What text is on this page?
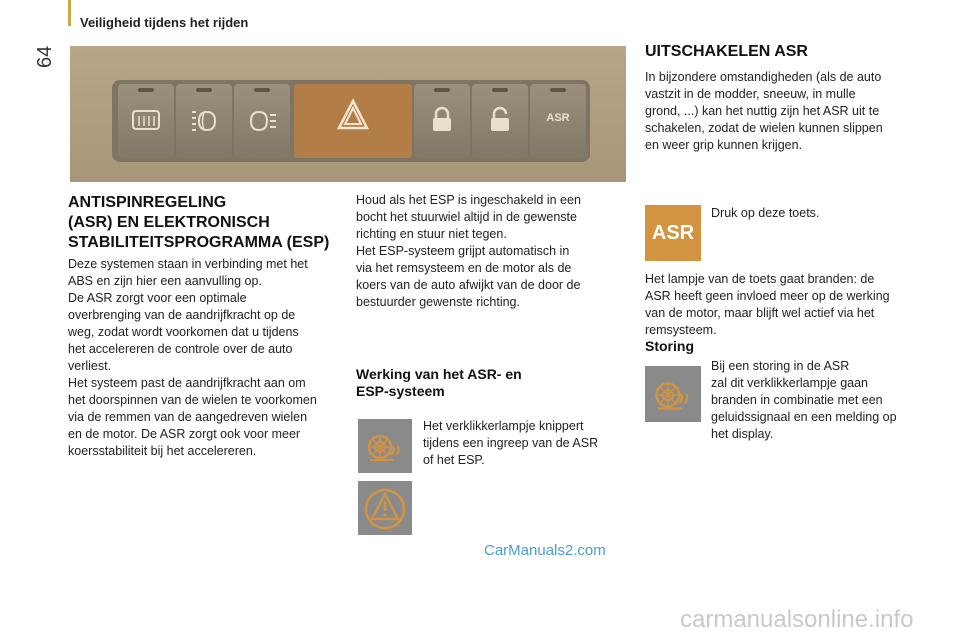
Veiligheid tijdens het rijden
64
ASR
ANTISPINREGELING
(ASR) EN ELEKTRONISCH
STABILITEITSPROGRAMMA (ESP)

Deze systemen staan in verbinding met het
ABS en zijn hier een aanvulling op.
De ASR zorgt voor een optimale
overbrenging van de aandrijfkracht op de
weg, zodat wordt voorkomen dat u tijdens
het accelereren de controle over de auto
verliest.
Het systeem past de aandrijfkracht aan om
het doorspinnen van de wielen te voorkomen
via de remmen van de aangedreven wielen
en de motor. De ASR zorgt ook voor meer
koersstabiliteit bij het accelereren.

Houd als het ESP is ingeschakeld in een
bocht het stuurwiel altijd in de gewenste
richting en stuur niet tegen.
Het ESP-systeem grijpt automatisch in
via het remsysteem en de motor als de
koers van de auto afwijkt van de door de
bestuurder gewenste richting.

Werking van het ASR- en
ESP-systeem

Het verklikkerlampje knippert
tijdens een ingreep van de ASR
of het ESP.

UITSCHAKELEN ASR

In bijzondere omstandigheden (als de auto
vastzit in de modder, sneeuw, in mulle
grond, ...) kan het nuttig zijn het ASR uit te
schakelen, zodat de wielen kunnen slippen
en weer grip kunnen krijgen.

ASR

Druk op deze toets.

Het lampje van de toets gaat branden: de
ASR heeft geen invloed meer op de werking
van de motor, maar blijft wel actief via het
remsysteem.

Storing

Bij een storing in de ASR
zal dit verklikkerlampje gaan
branden in combinatie met een
geluidssignaal en een melding op
het display.

CarManuals2.com
carmanualsonline.info
